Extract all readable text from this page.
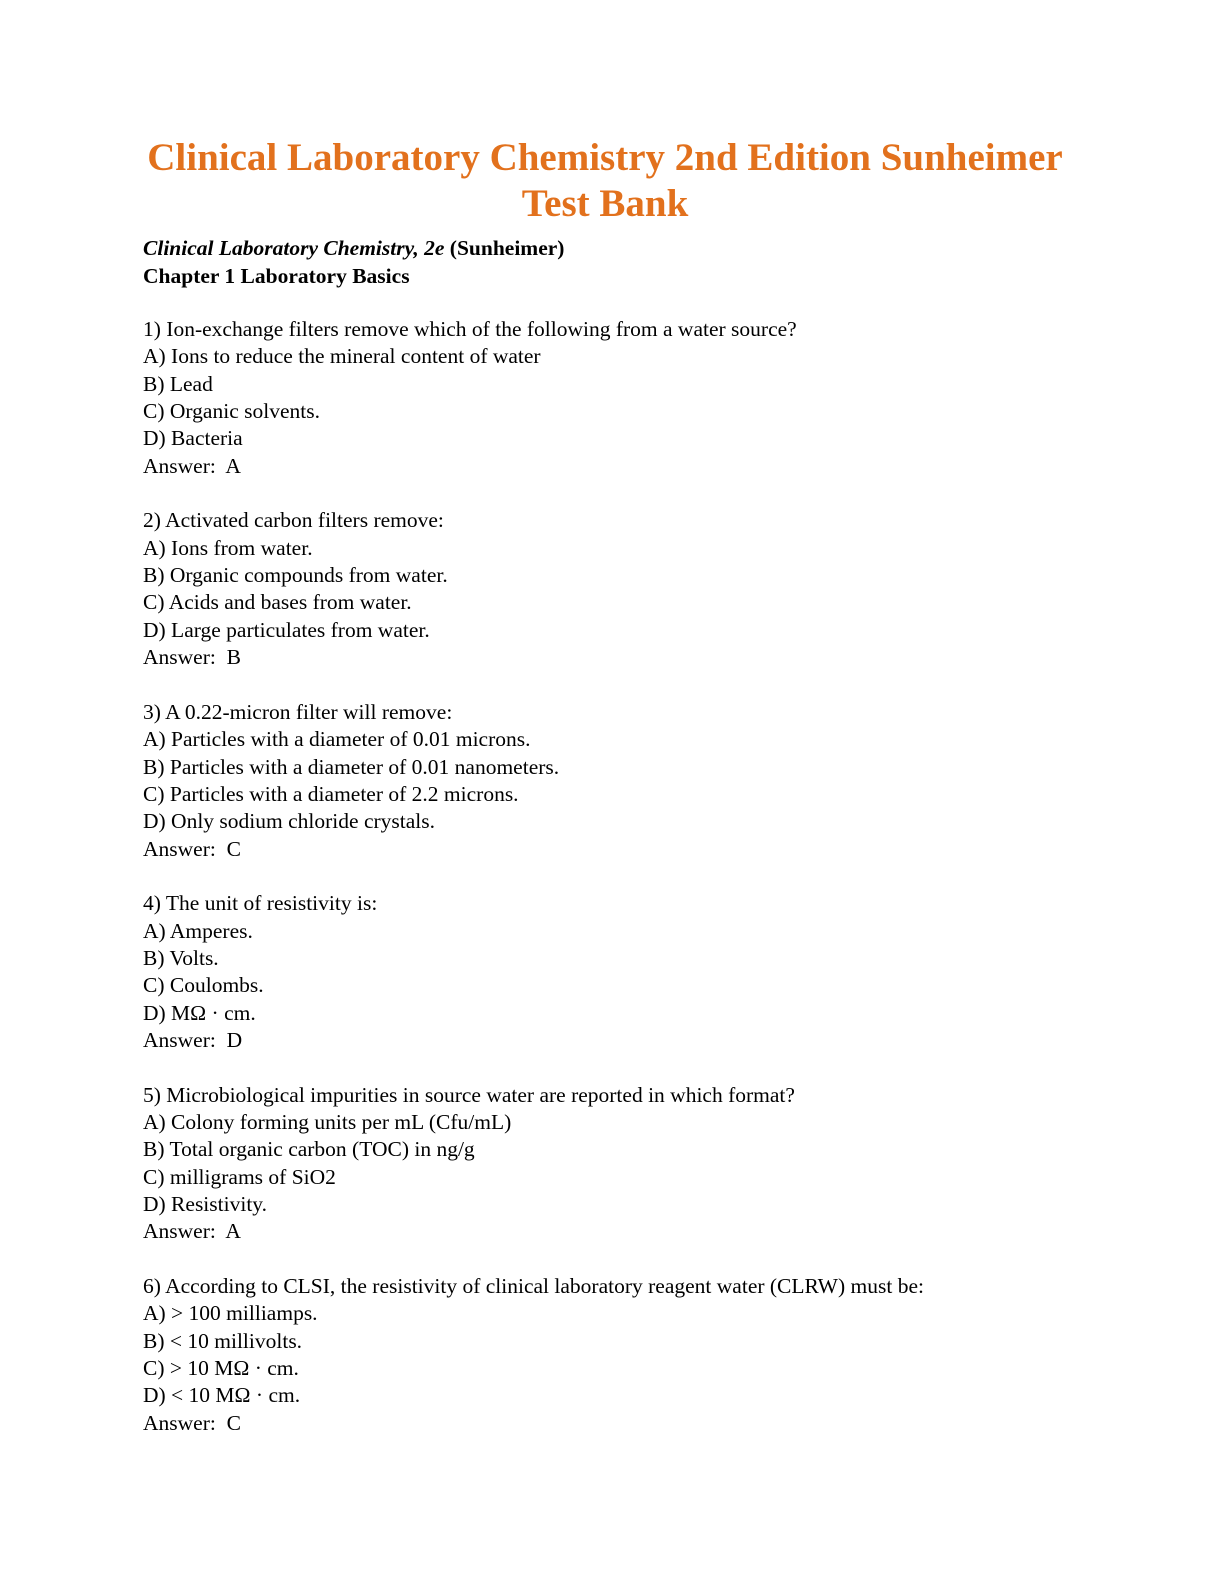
Clinical Laboratory Chemistry 2nd Edition Sunheimer
Test Bank
Clinical Laboratory Chemistry, 2e (Sunheimer)
Chapter 1 Laboratory Basics
1) Ion-exchange filters remove which of the following from a water source?
A) Ions to reduce the mineral content of water
B) Lead
C) Organic solvents.
D) Bacteria
Answer:  A
2) Activated carbon filters remove:
A) Ions from water.
B) Organic compounds from water.
C) Acids and bases from water.
D) Large particulates from water.
Answer:  B
3) A 0.22-micron filter will remove:
A) Particles with a diameter of 0.01 microns.
B) Particles with a diameter of 0.01 nanometers.
C) Particles with a diameter of 2.2 microns.
D) Only sodium chloride crystals.
Answer:  C
4) The unit of resistivity is:
A) Amperes.
B) Volts.
C) Coulombs.
D) MΩ · cm.
Answer:  D
5) Microbiological impurities in source water are reported in which format?
A) Colony forming units per mL (Cfu/mL)
B) Total organic carbon (TOC) in ng/g
C) milligrams of SiO2
D) Resistivity.
Answer:  A
6) According to CLSI, the resistivity of clinical laboratory reagent water (CLRW) must be:
A) > 100 milliamps.
B) < 10 millivolts.
C) > 10 MΩ · cm.
D) < 10 MΩ · cm.
Answer:  C
